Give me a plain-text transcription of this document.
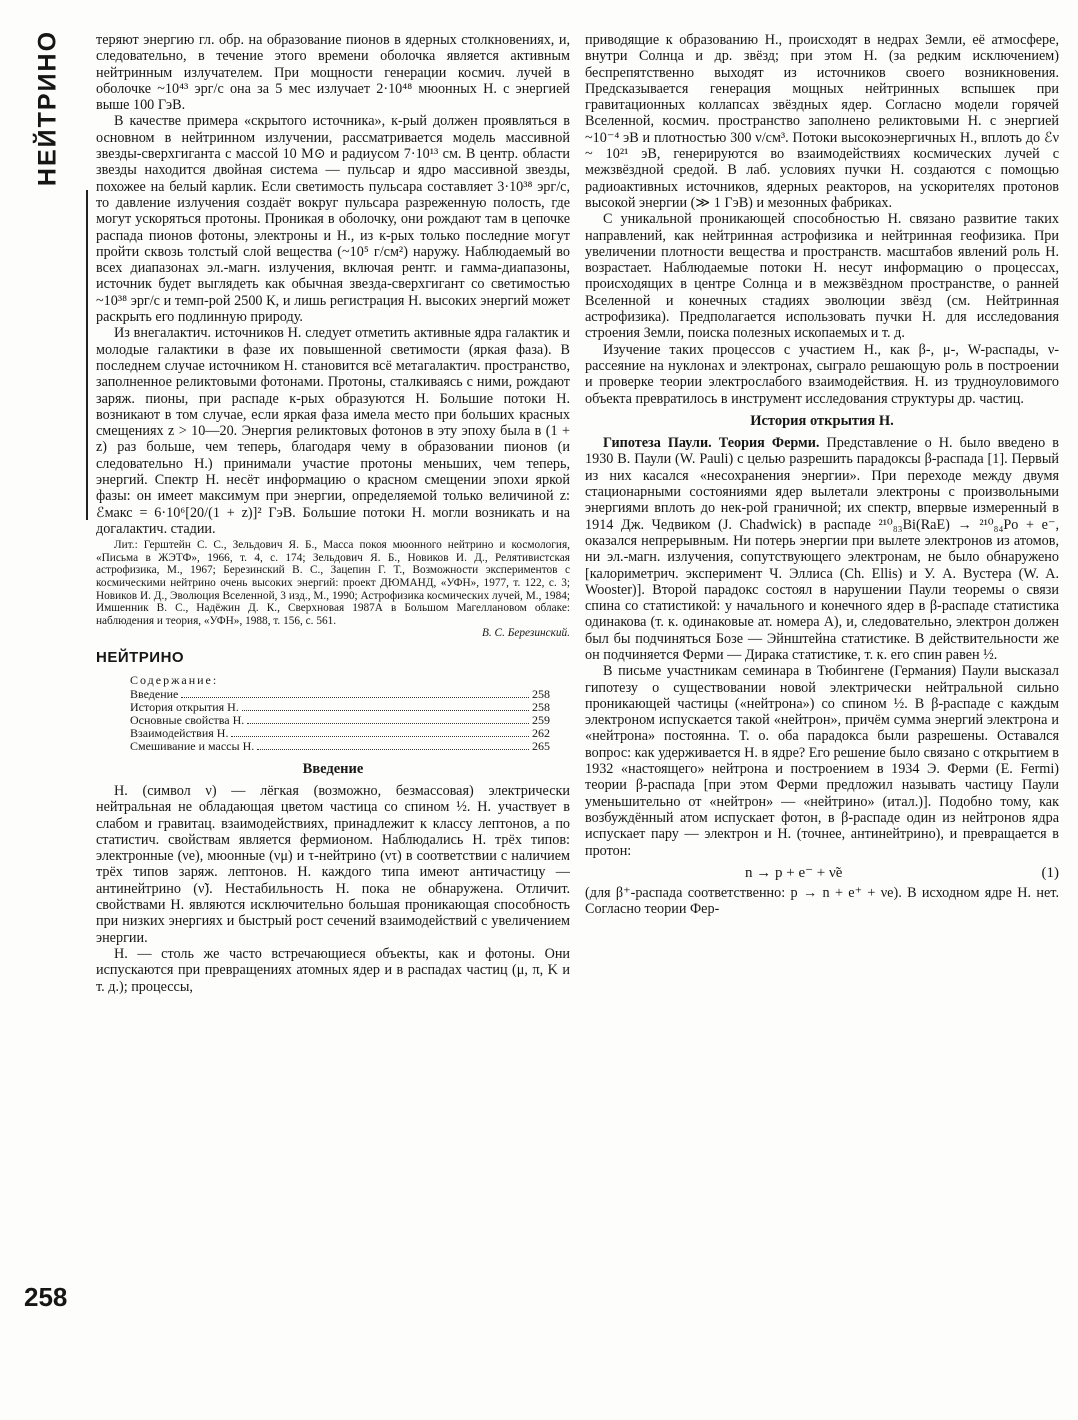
НЕЙТРИНО
258

теряют энергию гл. обр. на образование пионов в ядерных столкновениях, и, следовательно, в течение этого времени оболочка является активным нейтринным излучателем. При мощности генерации космич. лучей в оболочке ~10⁴³ эрг/с она за 5 мес излучает 2·10⁴⁸ мюонных Н. с энергией выше 100 ГэВ.

В качестве примера «скрытого источника», к-рый должен проявляться в основном в нейтринном излучении, рассматривается модель массивной звезды-сверхгиганта с массой 10 M⊙ и радиусом 7·10¹³ см. В центр. области звезды находится двойная система — пульсар и ядро массивной звезды, похожее на белый карлик. Если светимость пульсара составляет 3·10³⁸ эрг/с, то давление излучения создаёт вокруг пульсара разреженную полость, где могут ускоряться протоны. Проникая в оболочку, они рождают там в цепочке распада пионов фотоны, электроны и Н., из к-рых только последние могут пройти сквозь толстый слой вещества (~10⁵ г/см²) наружу. Наблюдаемый во всех диапазонах эл.-магн. излучения, включая рентг. и гамма-диапазоны, источник будет выглядеть как обычная звезда-сверхгигант со светимостью ~10³⁸ эрг/с и темп-рой 2500 К, и лишь регистрация Н. высоких энергий может раскрыть его подлинную природу.

Из внегалактич. источников Н. следует отметить активные ядра галактик и молодые галактики в фазе их повышенной светимости (яркая фаза). В последнем случае источником Н. становится всё метагалактич. пространство, заполненное реликтовыми фотонами. Протоны, сталкиваясь с ними, рождают заряж. пионы, при распаде к-рых образуются Н. Большие потоки Н. возникают в том случае, если яркая фаза имела место при больших красных смещениях z > 10—20. Энергия реликтовых фотонов в эту эпоху была в (1 + z) раз больше, чем теперь, благодаря чему в образовании пионов (и следовательно Н.) принимали участие протоны меньших, чем теперь, энергий. Спектр Н. несёт информацию о красном смещении эпохи яркой фазы: он имеет максимум при энергии, определяемой только величиной z: ℰмакс = 6·10⁶[20/(1 + z)]² ГэВ. Большие потоки Н. могли возникать и на догалактич. стадии.

Лит.: Герштейн С. С., Зельдович Я. Б., Масса покоя мюонного нейтрино и космология, «Письма в ЖЭТФ», 1966, т. 4, с. 174; Зельдович Я. Б., Новиков И. Д., Релятивистская астрофизика, М., 1967; Березинский В. С., Зацепин Г. Т., Возможности экспериментов с космическими нейтрино очень высоких энергий: проект ДЮМАНД, «УФН», 1977, т. 122, с. 3; Новиков И. Д., Эволюция Вселенной, 3 изд., М., 1990; Астрофизика космических лучей, М., 1984; Имшенник В. С., Надёжин Д. К., Сверхновая 1987А в Большом Магеллановом облаке: наблюдения и теория, «УФН», 1988, т. 156, с. 561.
В. С. Березинский.

НЕЙТРИНО
Содержание:
Введение	258
История открытия Н.	258
Основные свойства Н.	259
Взаимодействия Н.	262
Смешивание и массы Н.	265
Введение

Н. (символ ν) — лёгкая (возможно, безмассовая) электрически нейтральная не обладающая цветом частица со спином ½. Н. участвует в слабом и гравитац. взаимодействиях, принадлежит к классу лептонов, а по статистич. свойствам является фермионом. Наблюдались Н. трёх типов: электронные (νe), мюонные (νμ) и τ-нейтрино (ντ) в соответствии с наличием трёх типов заряж. лептонов. Н. каждого типа имеют античастицу — антинейтрино (ν̃). Нестабильность Н. пока не обнаружена. Отличит. свойствами Н. являются исключительно большая проникающая способность при низких энергиях и быстрый рост сечений взаимодействий с увеличением энергии.

Н. — столь же часто встречающиеся объекты, как и фотоны. Они испускаются при превращениях атомных ядер и в распадах частиц (μ, π, K и т. д.); процессы,

приводящие к образованию Н., происходят в недрах Земли, её атмосфере, внутри Солнца и др. звёзд; при этом Н. (за редким исключением) беспрепятственно выходят из источников своего возникновения. Предсказывается генерация мощных нейтринных вспышек при гравитационных коллапсах звёздных ядер. Согласно модели горячей Вселенной, космич. пространство заполнено реликтовыми Н. с энергией ~10⁻⁴ эВ и плотностью 300 ν/см³. Потоки высокоэнергичных Н., вплоть до ℰν ~ 10²¹ эВ, генерируются во взаимодействиях космических лучей с межзвёздной средой. В лаб. условиях пучки Н. создаются с помощью радиоактивных источников, ядерных реакторов, на ускорителях протонов высокой энергии (≫ 1 ГэВ) и мезонных фабриках.

С уникальной проникающей способностью Н. связано развитие таких направлений, как нейтринная астрофизика и нейтринная геофизика. При увеличении плотности вещества и пространств. масштабов явлений роль Н. возрастает. Наблюдаемые потоки Н. несут информацию о процессах, происходящих в центре Солнца и в межзвёздном пространстве, о ранней Вселенной и конечных стадиях эволюции звёзд (см. Нейтринная астрофизика). Предполагается использовать пучки Н. для исследования строения Земли, поиска полезных ископаемых и т. д.

Изучение таких процессов с участием Н., как β-, μ-, W-распады, ν-рассеяние на нуклонах и электронах, сыграло решающую роль в построении и проверке теории электрослабого взаимодействия. Н. из трудноуловимого объекта превратилось в инструмент исследования структуры др. частиц.

История открытия Н.

Гипотеза Паули. Теория Ферми. Представление о Н. было введено в 1930 В. Паули (W. Pauli) с целью разрешить парадоксы β-распада [1]. Первый из них касался «несохранения энергии». При переходе между двумя стационарными состояниями ядер вылетали электроны с произвольными энергиями вплоть до нек-рой граничной; их спектр, впервые измеренный в 1914 Дж. Чедвиком (J. Chadwick) в распаде ²¹⁰₈₃Bi(RaE) → ²¹⁰₈₄Po + e⁻, оказался непрерывным. Ни потерь энергии при вылете электронов из атомов, ни эл.-магн. излучения, сопутствующего электронам, не было обнаружено [калориметрич. эксперимент Ч. Эллиса (Ch. Ellis) и У. А. Вустера (W. A. Wooster)]. Второй парадокс состоял в нарушении Паули теоремы о связи спина со статистикой: у начального и конечного ядер в β-распаде статистика одинакова (т. к. одинаковые ат. номера A), и, следовательно, электрон должен был бы подчиняться Бозе — Эйнштейна статистике. В действительности же он подчиняется Ферми — Дирака статистике, т. к. его спин равен ½.

В письме участникам семинара в Тюбингене (Германия) Паули высказал гипотезу о существовании новой электрически нейтральной сильно проникающей частицы («нейтрона») со спином ½. В β-распаде с каждым электроном испускается такой «нейтрон», причём сумма энергий электрона и «нейтрона» постоянна. Т. о. оба парадокса были разрешены. Оставался вопрос: как удерживается Н. в ядре? Его решение было связано с открытием в 1932 «настоящего» нейтрона и построением в 1934 Э. Ферми (E. Fermi) теории β-распада [при этом Ферми предложил называть частицу Паули уменьшительно от «нейтрон» — «нейтрино» (итал.)]. Подобно тому, как возбуждённый атом испускает фотон, в β-распаде один из нейтронов ядра испускает пару — электрон и Н. (точнее, антинейтрино), и превращается в протон:

n → p + e⁻ + ν̃e	(1)

(для β⁺-распада соответственно: p → n + e⁺ + νe). В исходном ядре Н. нет. Согласно теории Фер-
